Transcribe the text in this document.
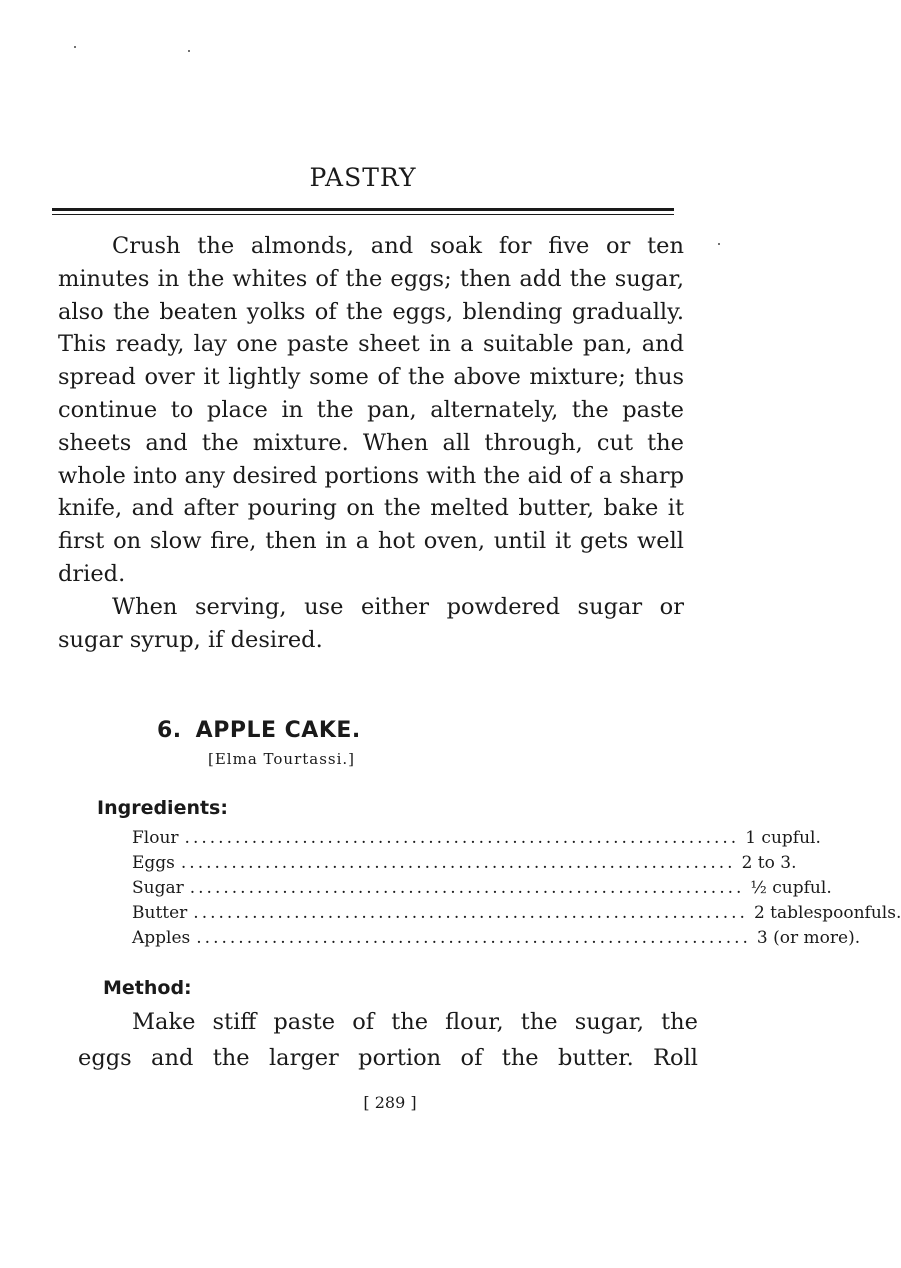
PASTRY

Crush the almonds, and soak for five or ten minutes in the whites of the eggs; then add the sugar, also the beaten yolks of the eggs, blending gradually. This ready, lay one paste sheet in a suitable pan, and spread over it lightly some of the above mixture; thus continue to place in the pan, alternately, the paste sheets and the mixture. When all through, cut the whole into any desired portions with the aid of a sharp knife, and after pouring on the melted butter, bake it first on slow fire, then in a hot oven, until it gets well dried.

When serving, use either powdered sugar or sugar syrup, if desired.

6. APPLE CAKE.
[Elma Tourtassi.]
Ingredients:
Flour .................................................................. 1 cupful.
Eggs .................................................................. 2 to 3.
Sugar .................................................................. ½ cupful.
Butter .................................................................. 2 tablespoonfuls.
Apples .................................................................. 3 (or more).
Method:
Make stiff paste of the flour, the sugar, the
eggs and the larger portion of the butter. Roll
[ 289 ]
